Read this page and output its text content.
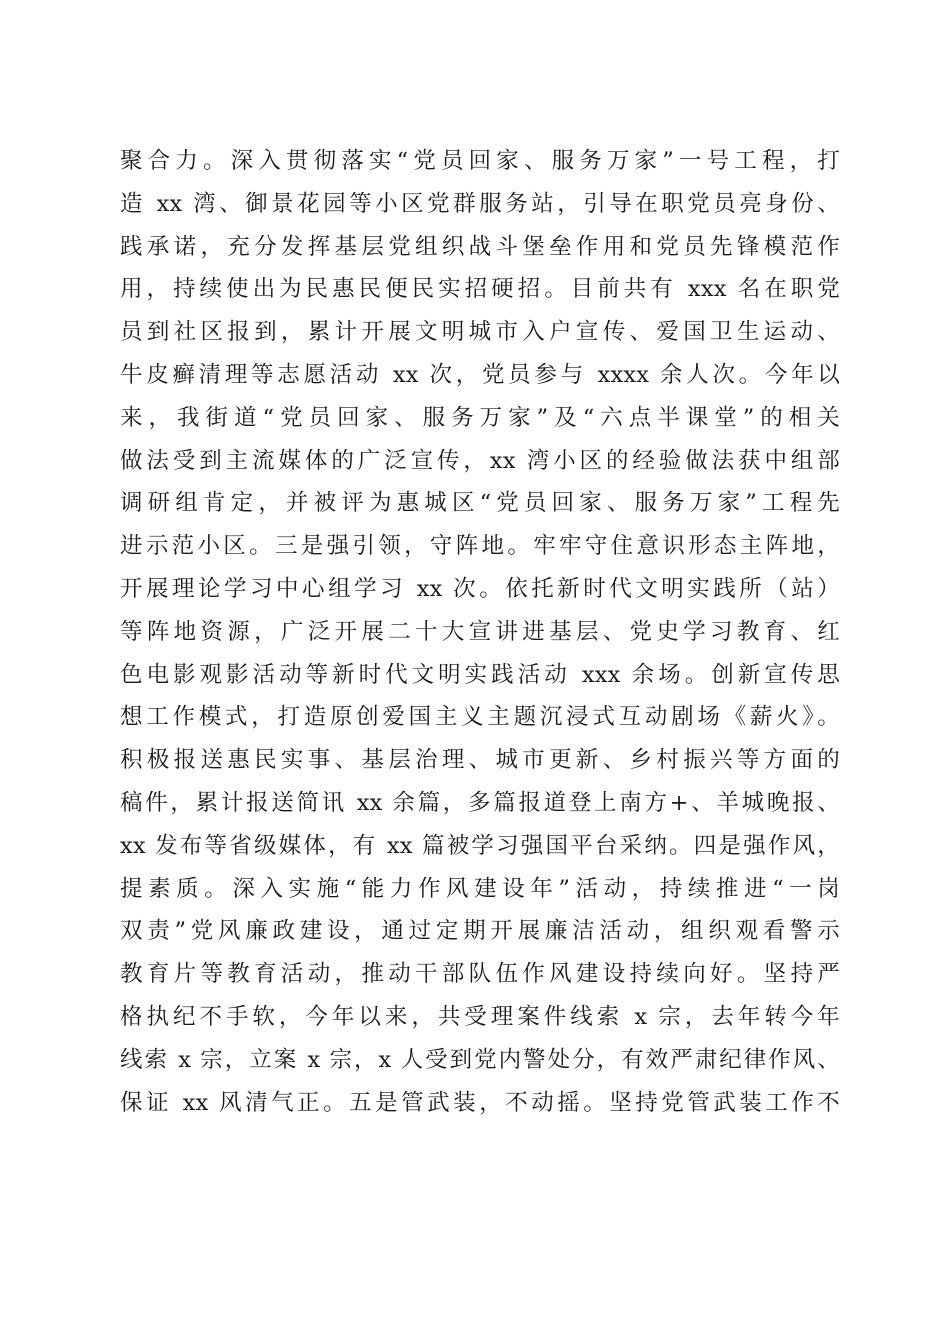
聚合力。深入贯彻落实“党员回家、服务万家”一号工程，打
造 xx 湾、御景花园等小区党群服务站，引导在职党员亮身份、
践承诺，充分发挥基层党组织战斗堡垒作用和党员先锋模范作
用，持续使出为民惠民便民实招硬招。目前共有 xxx 名在职党
员到社区报到，累计开展文明城市入户宣传、爱国卫生运动、
牛皮癣清理等志愿活动 xx 次，党员参与 xxxx 余人次。今年以
来，我街道“党员回家、服务万家”及“六点半课堂”的相关
做法受到主流媒体的广泛宣传，xx 湾小区的经验做法获中组部
调研组肯定，并被评为惠城区“党员回家、服务万家”工程先
进示范小区。三是强引领，守阵地。牢牢守住意识形态主阵地，
开展理论学习中心组学习 xx 次。依托新时代文明实践所（站）
等阵地资源，广泛开展二十大宣讲进基层、党史学习教育、红
色电影观影活动等新时代文明实践活动 xxx 余场。创新宣传思
想工作模式，打造原创爱国主义主题沉浸式互动剧场《薪火》。
积极报送惠民实事、基层治理、城市更新、乡村振兴等方面的
稿件，累计报送简讯 xx 余篇，多篇报道登上南方+、羊城晚报、
xx 发布等省级媒体，有 xx 篇被学习强国平台采纳。四是强作风，
提素质。深入实施“能力作风建设年”活动，持续推进“一岗
双责”党风廉政建设，通过定期开展廉洁活动，组织观看警示
教育片等教育活动，推动干部队伍作风建设持续向好。坚持严
格执纪不手软，今年以来，共受理案件线索 x 宗，去年转今年
线索 x 宗，立案 x 宗，x 人受到党内警处分，有效严肃纪律作风、
保证 xx 风清气正。五是管武装，不动摇。坚持党管武装工作不
